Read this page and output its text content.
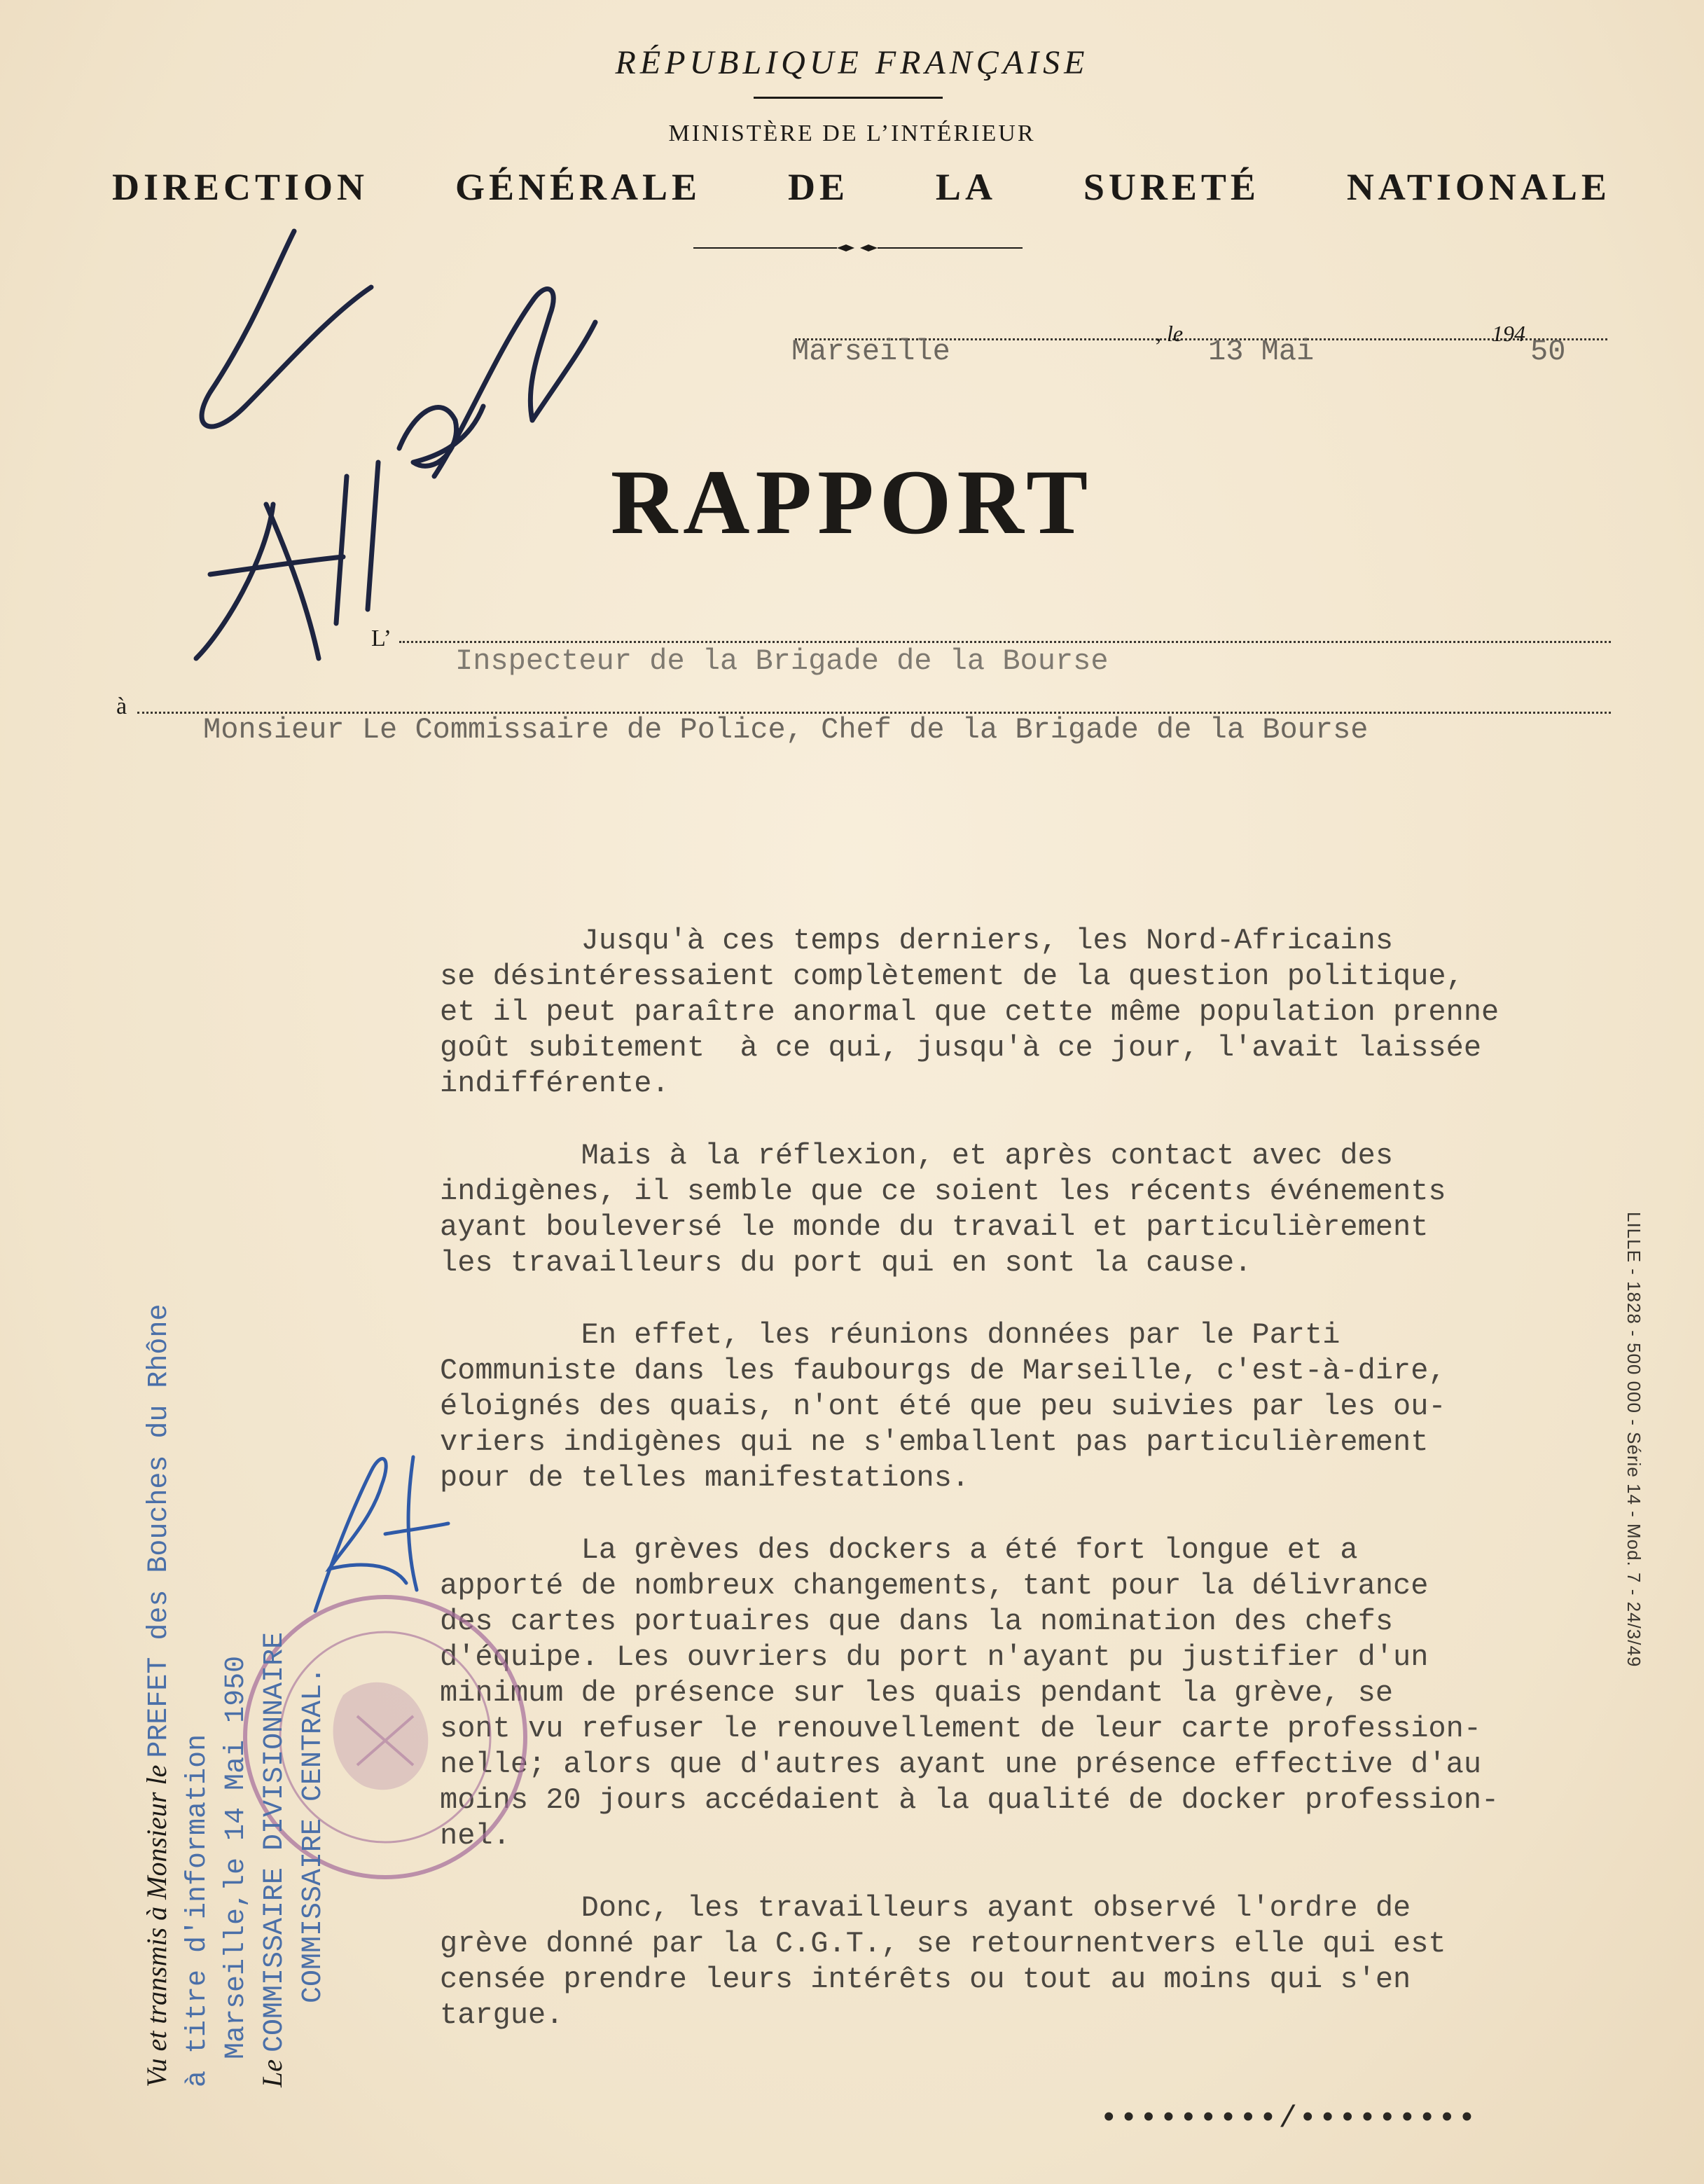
RÉPUBLIQUE FRANÇAISE
MINISTÈRE DE L’INTÉRIEUR
DIRECTION GÉNÉRALE DE LA SURETÉ NATIONALE
Marseille
, le
13 Mai
194
50
RAPPORT
L’
Inspecteur de la Brigade de la Bourse
à
Monsieur Le Commissaire de Police, Chef de la Brigade de la Bourse

Jusqu'à ces temps derniers, les Nord-Africains
se désintéressaient complètement de la question politique,
et il peut paraître anormal que cette même population prenne
goût subitement  à ce qui, jusqu'à ce jour, l'avait laissée
indifférente.

Mais à la réflexion, et après contact avec des
indigènes, il semble que ce soient les récents événements
ayant bouleversé le monde du travail et particulièrement
les travailleurs du port qui en sont la cause.

En effet, les réunions données par le Parti
Communiste dans les faubourgs de Marseille, c'est-à-dire,
éloignés des quais, n'ont été que peu suivies par les ou-
vriers indigènes qui ne s'emballent pas particulièrement
pour de telles manifestations.

La grèves des dockers a été fort longue et a
apporté de nombreux changements, tant pour la délivrance
des cartes portuaires que dans la nomination des chefs
d'équipe. Les ouvriers du port n'ayant pu justifier d'un
minimum de présence sur les quais pendant la grève, se
sont vu refuser le renouvellement de leur carte profession-
nelle; alors que d'autres ayant une présence effective d'au
moins 20 jours accédaient à la qualité de docker profession-
nel.

Donc, les travailleurs ayant observé l'ordre de
grève donné par la C.G.T., se retournentvers elle qui est
censée prendre leurs intérêts ou tout au moins qui s'en
targue.

•••••••••/•••••••••
Vu et transmis à Monsieur le PREFET des Bouches du Rhône
à titre d'information Marseille,le 14 Mai 1950
Le COMMISSAIRE DIVISIONNAIRE COMMISSAIRE CENTRAL.
LILLE - 1828 - 500 000 - Série 14 - Mod. 7 - 24/3/49
